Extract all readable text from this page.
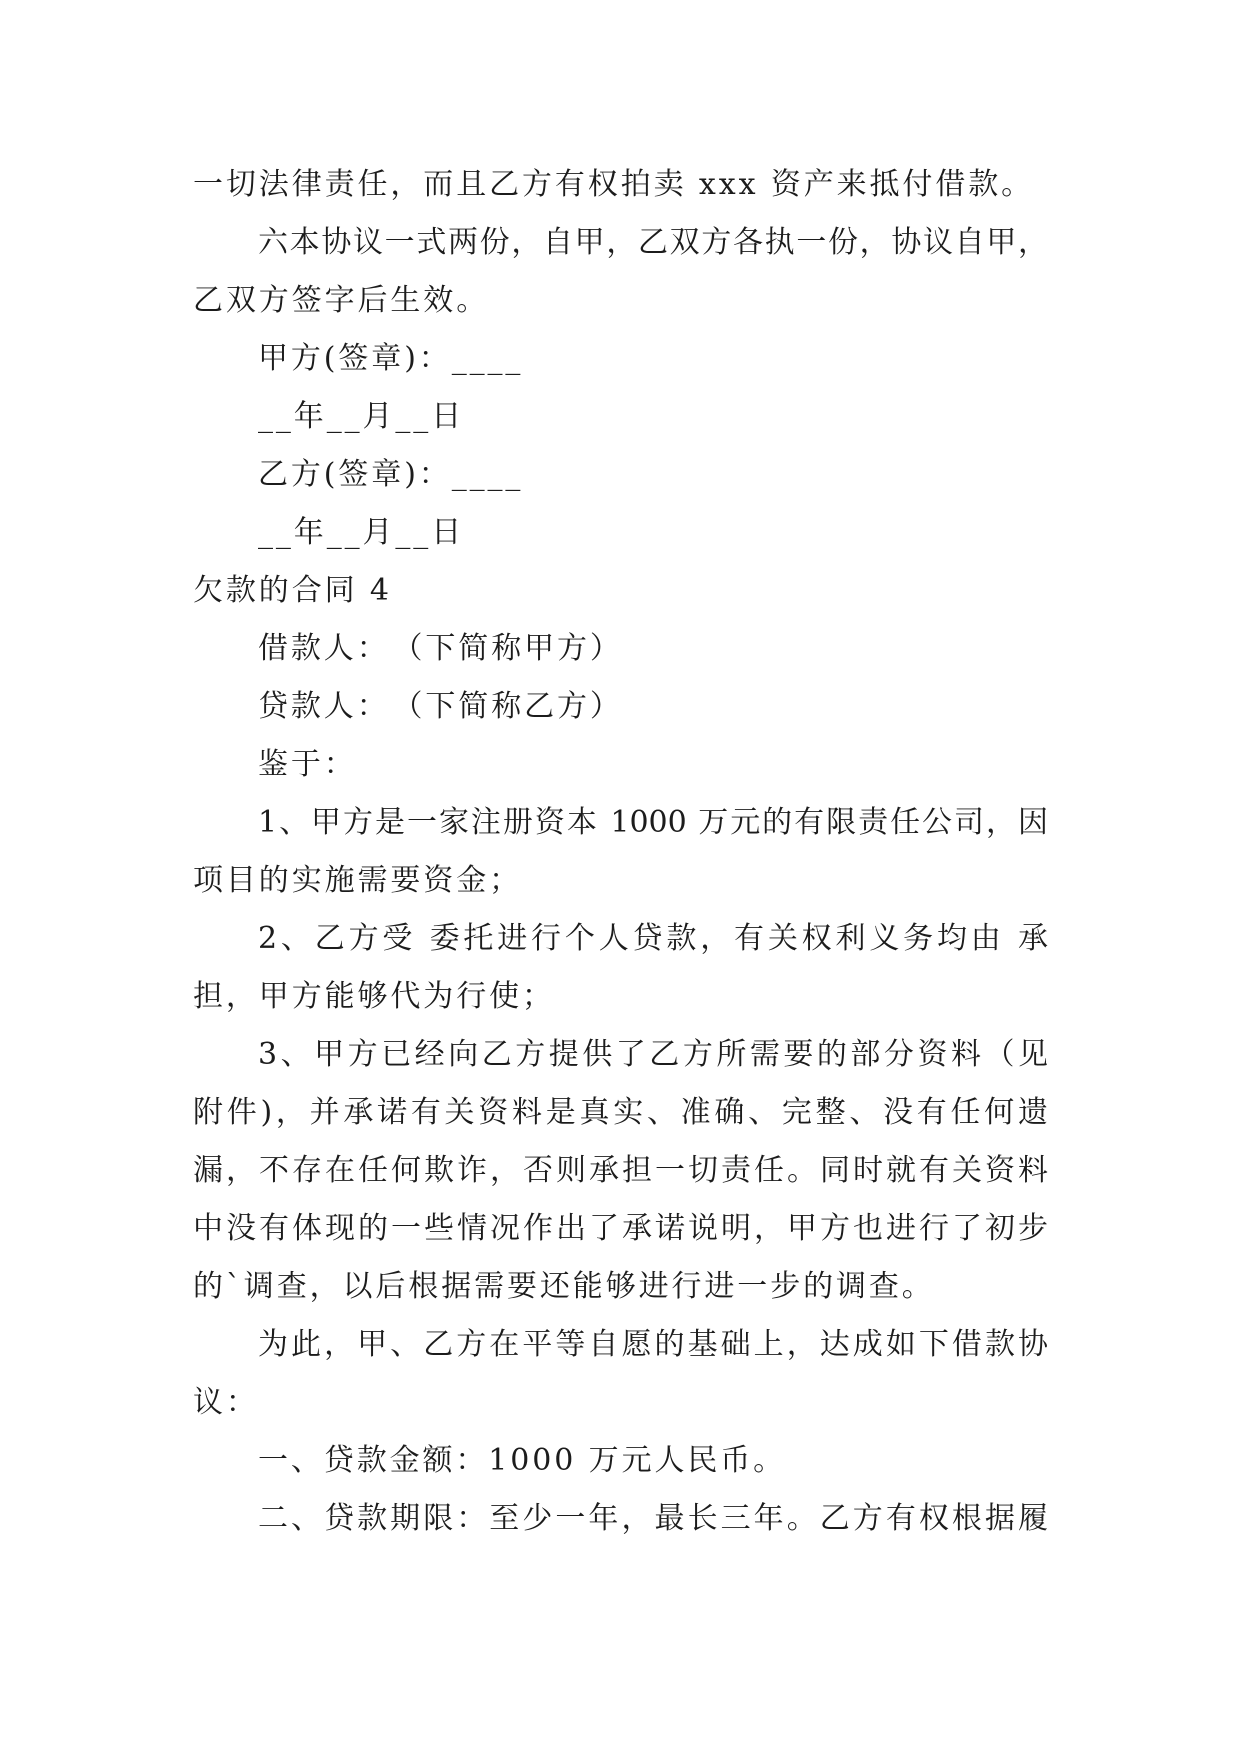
一切法律责任，而且乙方有权拍卖 xxx 资产来抵付借款。
六本协议一式两份，自甲，乙双方各执一份，协议自甲，
乙双方签字后生效。
甲方(签章)：____
__年__月__日
乙方(签章)：____
__年__月__日
欠款的合同 4
借款人：　（下简称甲方）
贷款人：　（下简称乙方）
鉴于：
1、甲方是一家注册资本 1000 万元的有限责任公司，因
项目的实施需要资金；
2、乙方受 委托进行个人贷款，有关权利义务均由 承
担，甲方能够代为行使；
3、甲方已经向乙方提供了乙方所需要的部分资料（见
附件)，并承诺有关资料是真实、准确、完整、没有任何遗
漏，不存在任何欺诈，否则承担一切责任。同时就有关资料
中没有体现的一些情况作出了承诺说明，甲方也进行了初步
的`调查，以后根据需要还能够进行进一步的调查。
为此，甲、乙方在平等自愿的基础上，达成如下借款协
议：
一、贷款金额：1000 万元人民币。
二、贷款期限：至少一年，最长三年。乙方有权根据履
